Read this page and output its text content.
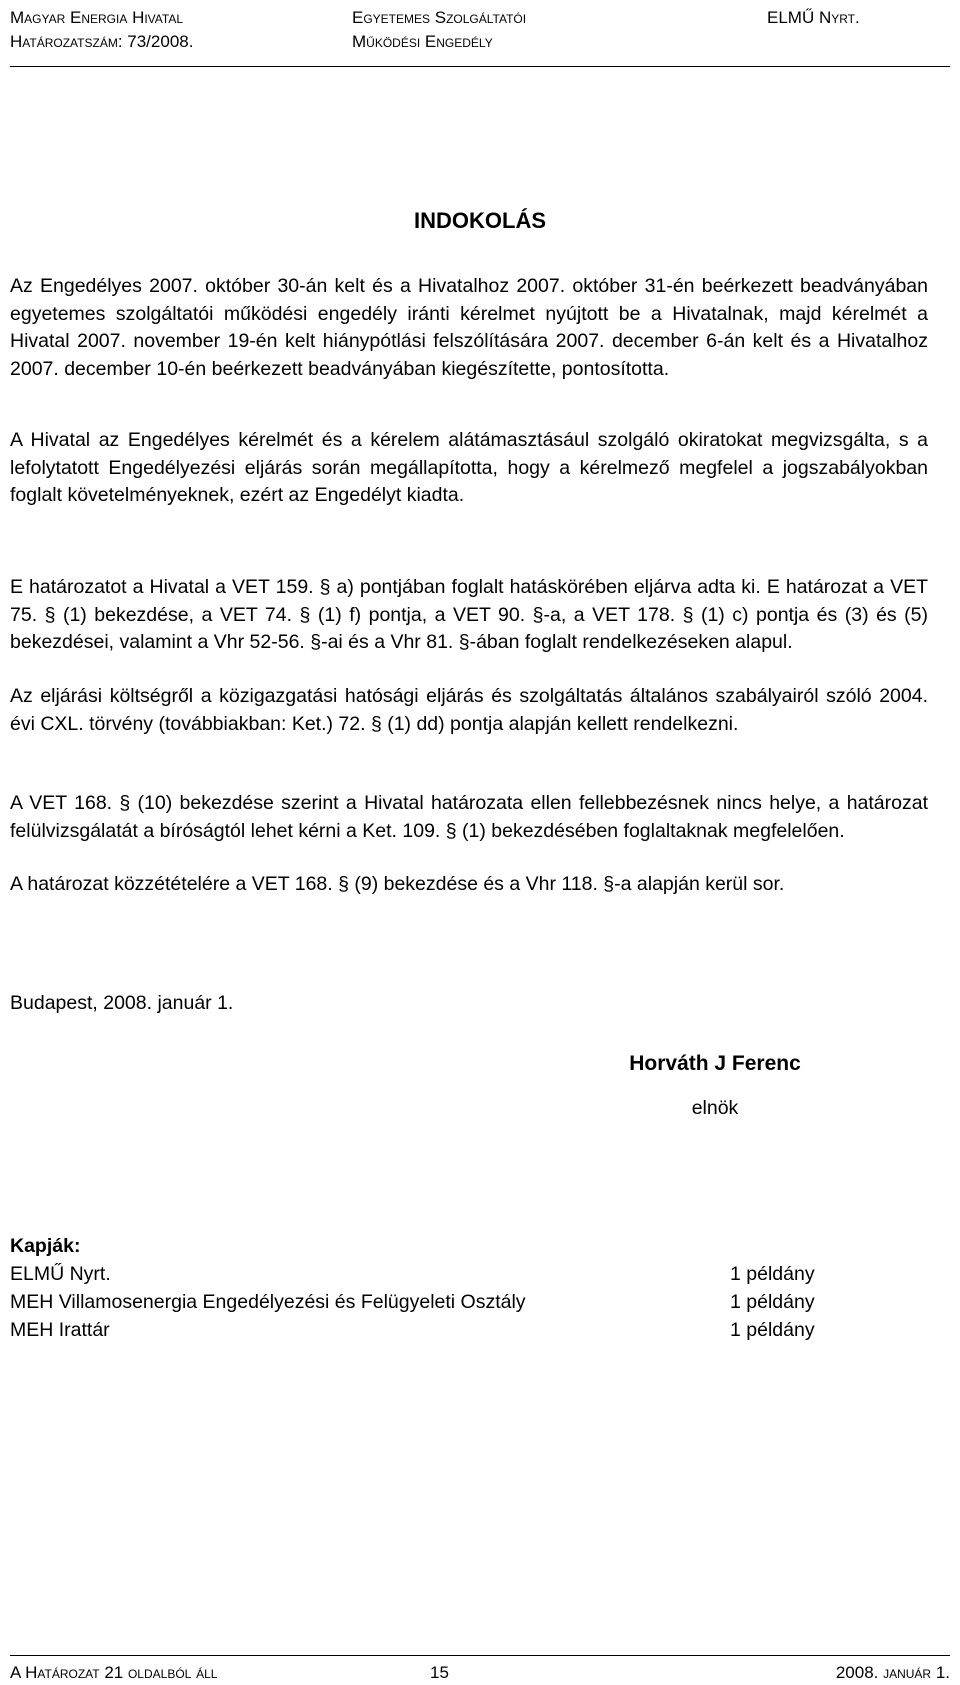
Magyar Energia Hivatal
Határozatszám: 73/2008.
Egyetemes Szolgáltatói
Működési Engedély
ELMŰ Nyrt.
INDOKOLÁS

Az Engedélyes 2007. október 30-án kelt és a Hivatalhoz 2007. október 31-én beérkezett beadványában egyetemes szolgáltatói működési engedély iránti kérelmet nyújtott be a Hivatalnak, majd kérelmét a Hivatal 2007. november 19-én kelt hiánypótlási felszólítására 2007. december 6-án kelt és a Hivatalhoz 2007. december 10-én beérkezett beadványában kiegészítette, pontosította.

A Hivatal az Engedélyes kérelmét és a kérelem alátámasztásául szolgáló okiratokat megvizsgálta, s a lefolytatott Engedélyezési eljárás során megállapította, hogy a kérelmező megfelel a jogszabályokban foglalt követelményeknek, ezért az Engedélyt kiadta.

E határozatot a Hivatal a VET 159. § a) pontjában foglalt hatáskörében eljárva adta ki. E határozat a VET 75. § (1) bekezdése, a VET 74. § (1) f) pontja, a VET 90. §-a, a VET 178. § (1) c) pontja és (3) és (5) bekezdései, valamint a Vhr 52-56. §-ai és a Vhr 81. §-ában foglalt rendelkezéseken alapul.

Az eljárási költségről a közigazgatási hatósági eljárás és szolgáltatás általános szabályairól szóló 2004. évi CXL. törvény (továbbiakban: Ket.) 72. § (1) dd) pontja alapján kellett rendelkezni.

A VET 168. § (10) bekezdése szerint a Hivatal határozata ellen fellebbezésnek nincs helye, a határozat felülvizsgálatát a bíróságtól lehet kérni a Ket. 109. § (1) bekezdésében foglaltaknak megfelelően.

A határozat közzétételére a VET 168. § (9) bekezdése és a Vhr 118. §-a alapján kerül sor.

Budapest, 2008. január 1.
Horváth J Ferenc
elnök
Kapják:
ELMŰ Nyrt.	1 példány
MEH Villamosenergia Engedélyezési és Felügyeleti Osztály	1 példány
MEH Irattár	1 példány
A Határozat 21 oldalból áll	15	2008. január 1.
